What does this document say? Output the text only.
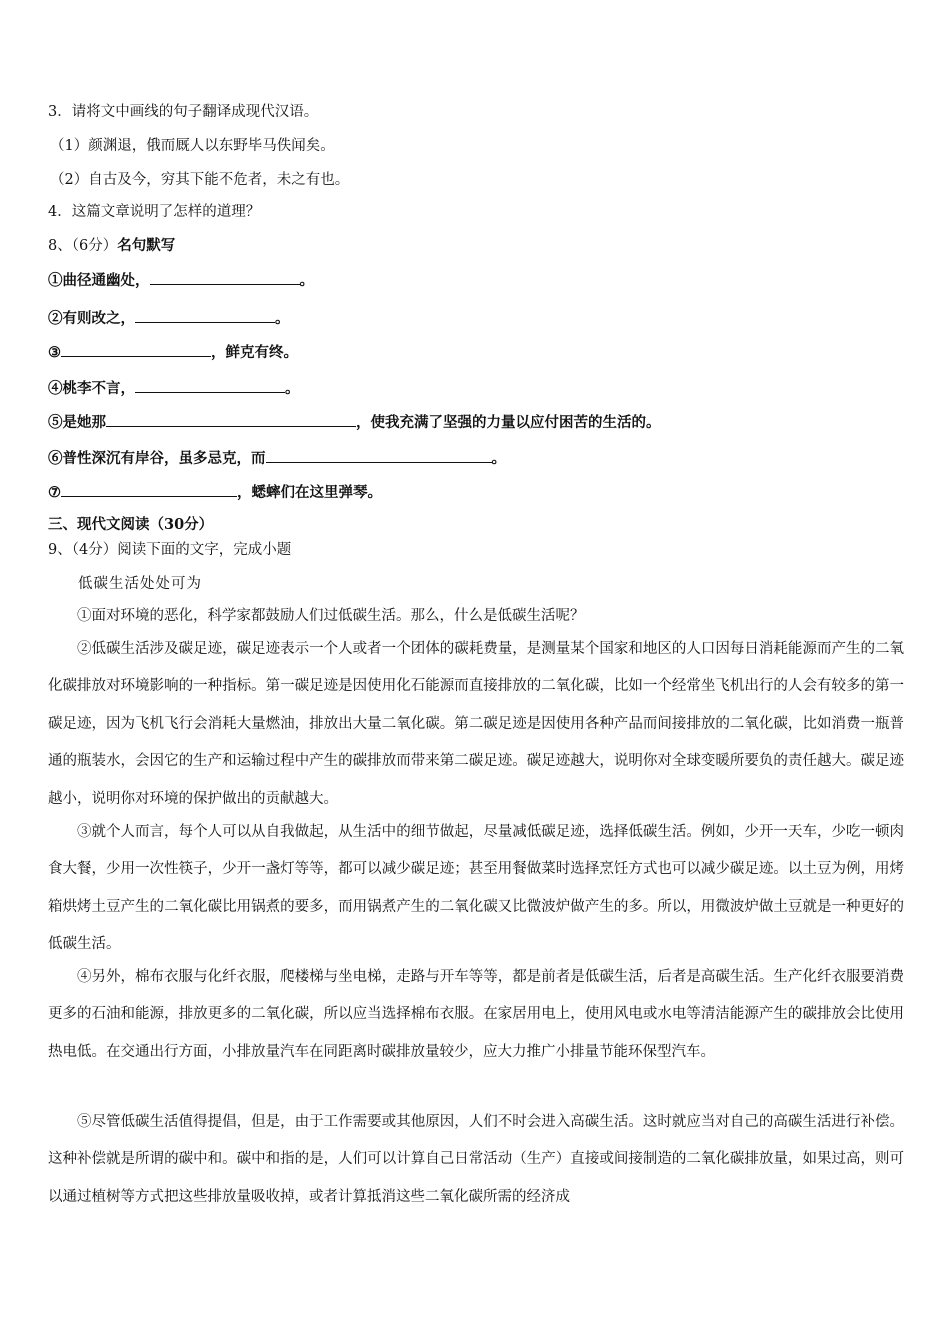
3．请将文中画线的句子翻译成现代汉语。
（1）颜渊退，俄而厩人以东野毕马佚闻矣。
（2）自古及今，穷其下能不危者，未之有也。
4．这篇文章说明了怎样的道理？
8、（6分）名句默写
①曲径通幽处，	。
②有则改之，	。
③	，鲜克有终。
④桃李不言，	。
⑤是她那	，使我充满了坚强的力量以应付困苦的生活的。
⑥普性深沉有岸谷，虽多忌克，而	。
⑦	，蟋蟀们在这里弹琴。
三、现代文阅读（30分）
9、（4分）阅读下面的文字，完成小题
低碳生活处处可为

①面对环境的恶化，科学家都鼓励人们过低碳生活。那么，什么是低碳生活呢？

②低碳生活涉及碳足迹，碳足迹表示一个人或者一个团体的碳耗费量，是测量某个国家和地区的人口因每日消耗能源而产生的二氧化碳排放对环境影响的一种指标。第一碳足迹是因使用化石能源而直接排放的二氧化碳，比如一个经常坐飞机出行的人会有较多的第一碳足迹，因为飞机飞行会消耗大量燃油，排放出大量二氧化碳。第二碳足迹是因使用各种产品而间接排放的二氧化碳，比如消费一瓶普通的瓶装水，会因它的生产和运输过程中产生的碳排放而带来第二碳足迹。碳足迹越大，说明你对全球变暖所要负的责任越大。碳足迹越小，说明你对环境的保护做出的贡献越大。

③就个人而言，每个人可以从自我做起，从生活中的细节做起，尽量减低碳足迹，选择低碳生活。例如，少开一天车，少吃一顿肉食大餐，少用一次性筷子，少开一盏灯等等，都可以减少碳足迹；甚至用餐做菜时选择烹饪方式也可以减少碳足迹。以土豆为例，用烤箱烘烤土豆产生的二氧化碳比用锅煮的要多，而用锅煮产生的二氧化碳又比微波炉做产生的多。所以，用微波炉做土豆就是一种更好的低碳生活。

④另外，棉布衣服与化纤衣服，爬楼梯与坐电梯，走路与开车等等，都是前者是低碳生活，后者是高碳生活。生产化纤衣服要消费更多的石油和能源，排放更多的二氧化碳，所以应当选择棉布衣服。在家居用电上，使用风电或水电等清洁能源产生的碳排放会比使用热电低。在交通出行方面，小排放量汽车在同距离时碳排放量较少，应大力推广小排量节能环保型汽车。

⑤尽管低碳生活值得提倡，但是，由于工作需要或其他原因，人们不时会进入高碳生活。这时就应当对自己的高碳生活进行补偿。这种补偿就是所谓的碳中和。碳中和指的是，人们可以计算自己日常活动（生产）直接或间接制造的二氧化碳排放量，如果过高，则可以通过植树等方式把这些排放量吸收掉，或者计算抵消这些二氧化碳所需的经济成
